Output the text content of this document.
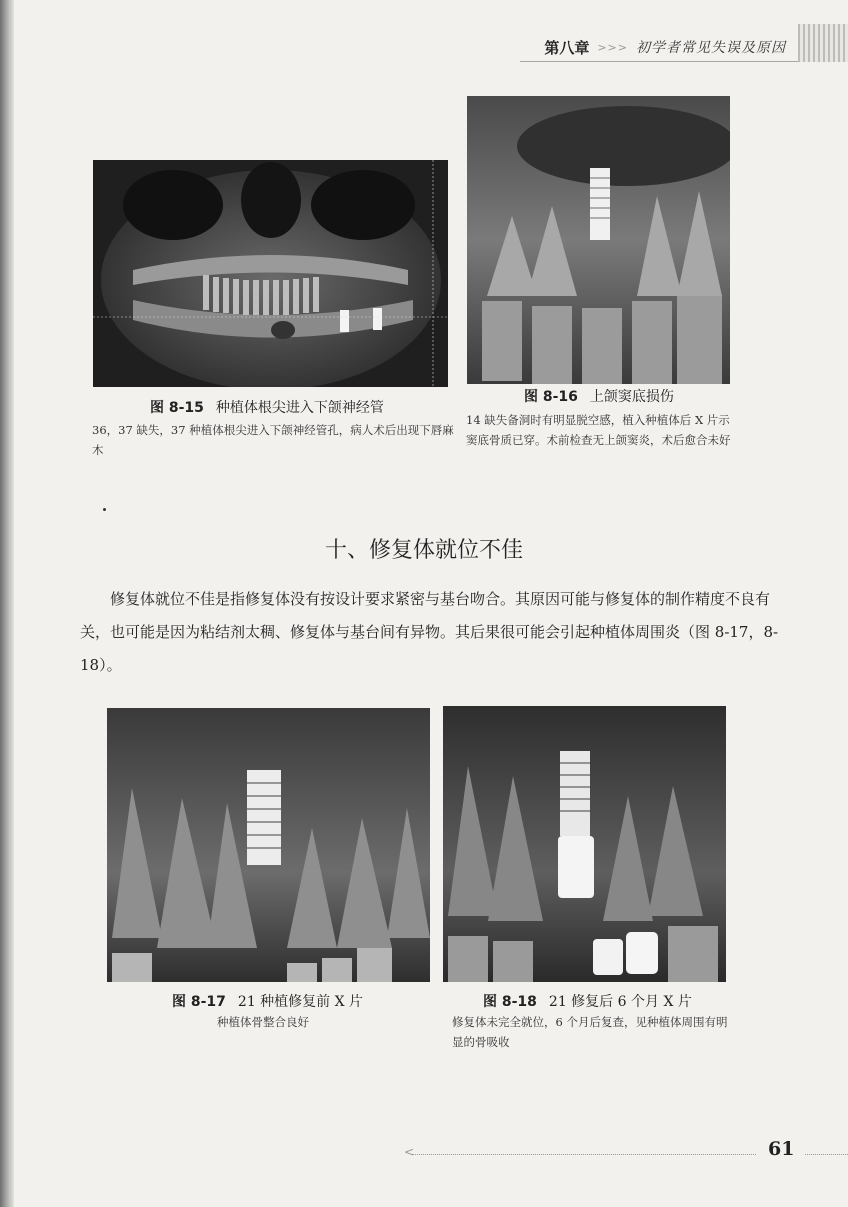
第八章 >>> 初学者常见失误及原因
图 8-15 种植体根尖进入下颌神经管
36，37 缺失，37 种植体根尖进入下颌神经管孔，病人术后出现下唇麻木
图 8-16 上颌窦底损伤
14 缺失备洞时有明显脱空感，植入种植体后 X 片示窦底骨质已穿。术前检查无上颌窦炎，术后愈合未好
十、修复体就位不佳

修复体就位不佳是指修复体没有按设计要求紧密与基台吻合。其原因可能与修复体的制作精度不良有关，也可能是因为粘结剂太稠、修复体与基台间有异物。其后果很可能会引起种植体周围炎（图 8-17，8-18）。

图 8-17 21 种植修复前 X 片
种植体骨整合良好
图 8-18 21 修复后 6 个月 X 片
修复体未完全就位，6 个月后复查，见种植体周围有明显的骨吸收
<	61
